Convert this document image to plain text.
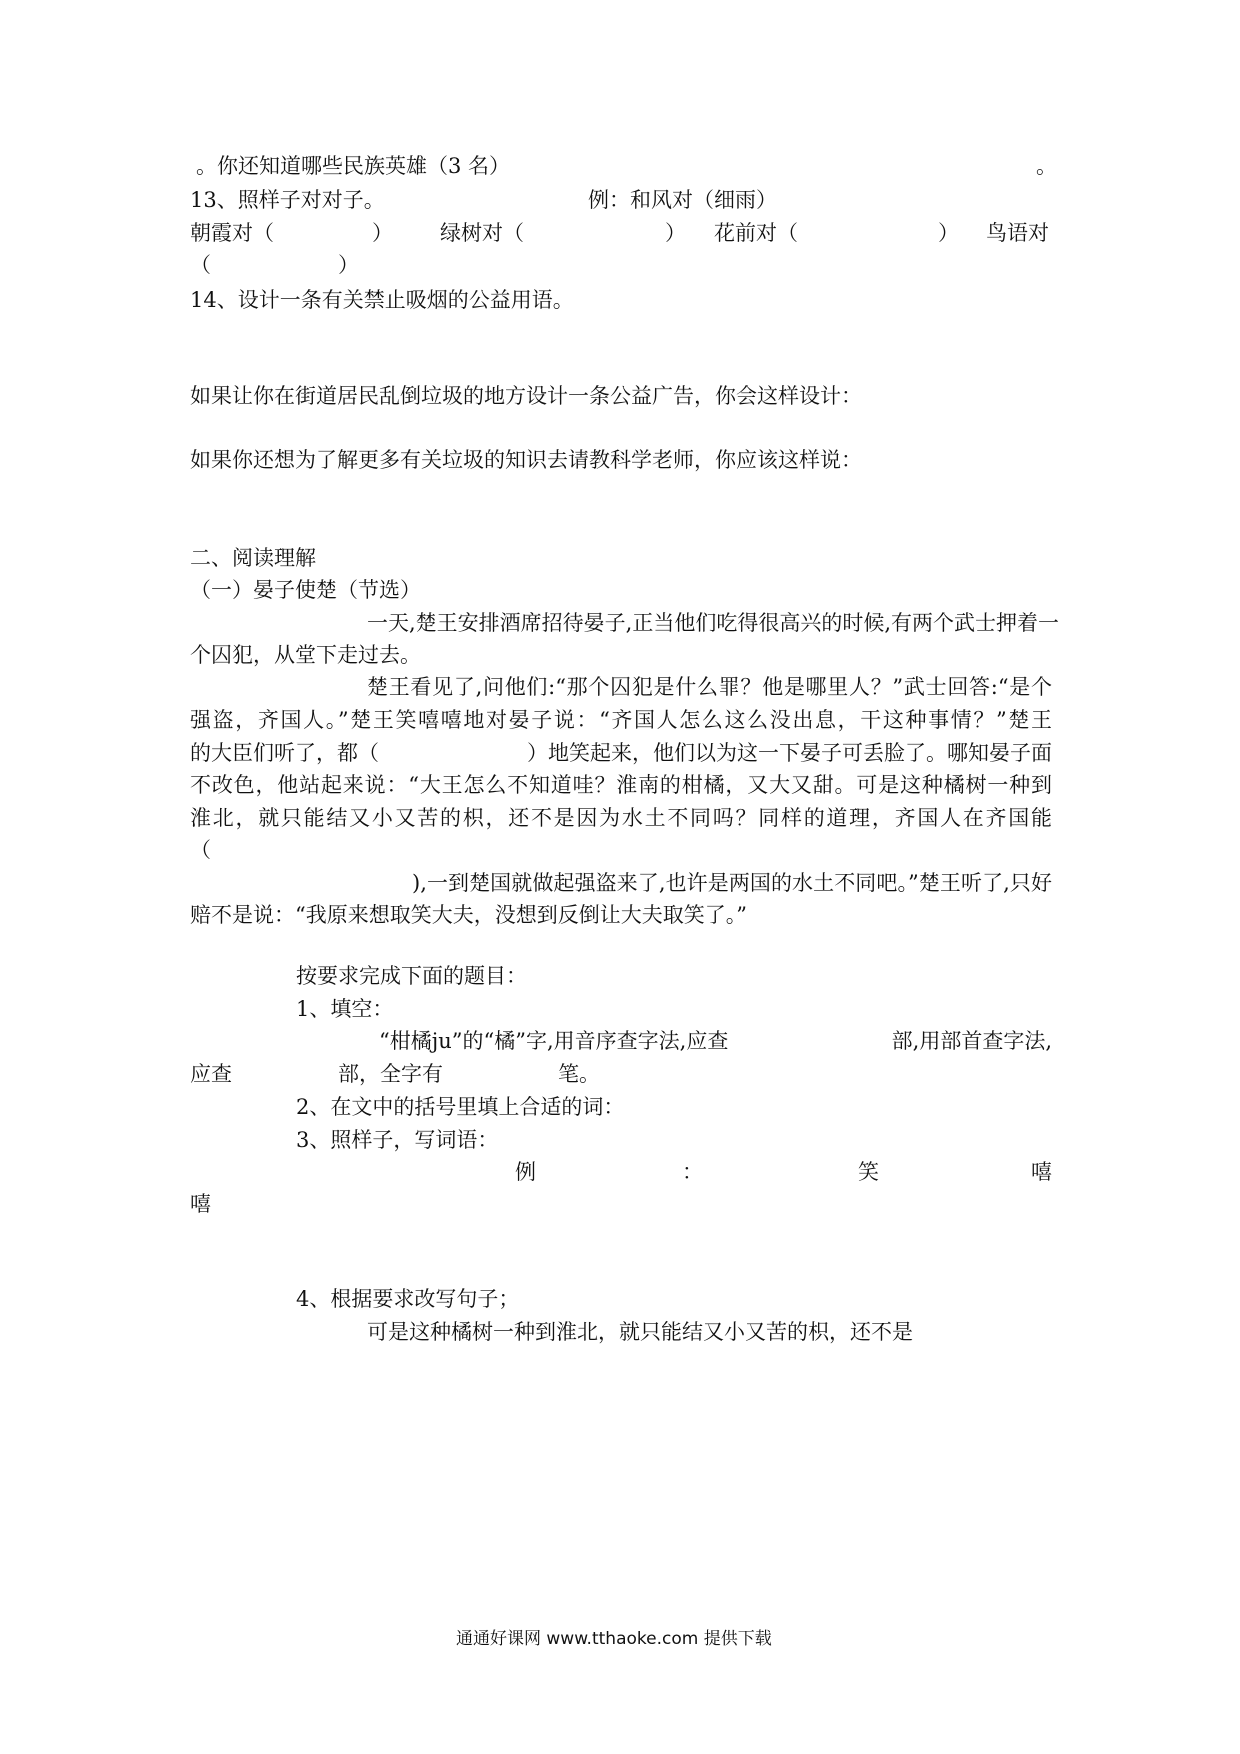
。你还知道哪些民族英雄（3 名）	。
13、照样子对对子。	例：和风对（细雨）
朝霞对（	） 绿树对（	） 花前对（	） 鸟语对
（	）
14、设计一条有关禁止吸烟的公益用语。
如果让你在街道居民乱倒垃圾的地方设计一条公益广告，你会这样设计：
如果你还想为了解更多有关垃圾的知识去请教科学老师，你应该这样说：
二、阅读理解
（一）晏子使楚（节选）
一天,楚王安排酒席招待晏子,正当他们吃得很高兴的时候,有两个武士押着一
个囚犯，从堂下走过去。
楚王看见了,问他们:“那个囚犯是什么罪？他是哪里人？”武士回答:“是个
强盗，齐国人。”楚王笑嘻嘻地对晏子说：“齐国人怎么这么没出息，干这种事情？”楚王
的大臣们听了，都（	）地笑起来，他们以为这一下晏子可丢脸了。哪知晏子面
不改色，他站起来说：“大王怎么不知道哇？淮南的柑橘，又大又甜。可是这种橘树一种到
淮北，就只能结又小又苦的枳，还不是因为水土不同吗？同样的道理，齐国人在齐国能
（
),一到楚国就做起强盗来了,也许是两国的水土不同吧。”楚王听了,只好
赔不是说：“我原来想取笑大夫，没想到反倒让大夫取笑了。”
按要求完成下面的题目：
1、填空：
“柑橘ju”的“橘”字,用音序查字法,应查	部,用部首查字法,
应查	部，全字有	笔。
2、在文中的括号里填上合适的词：
3、照样子，写词语：
例	：	笑	嘻
嘻
4、根据要求改写句子；
可是这种橘树一种到淮北，就只能结又小又苦的枳，还不是
通通好课网 www.tthaoke.com 提供下载
